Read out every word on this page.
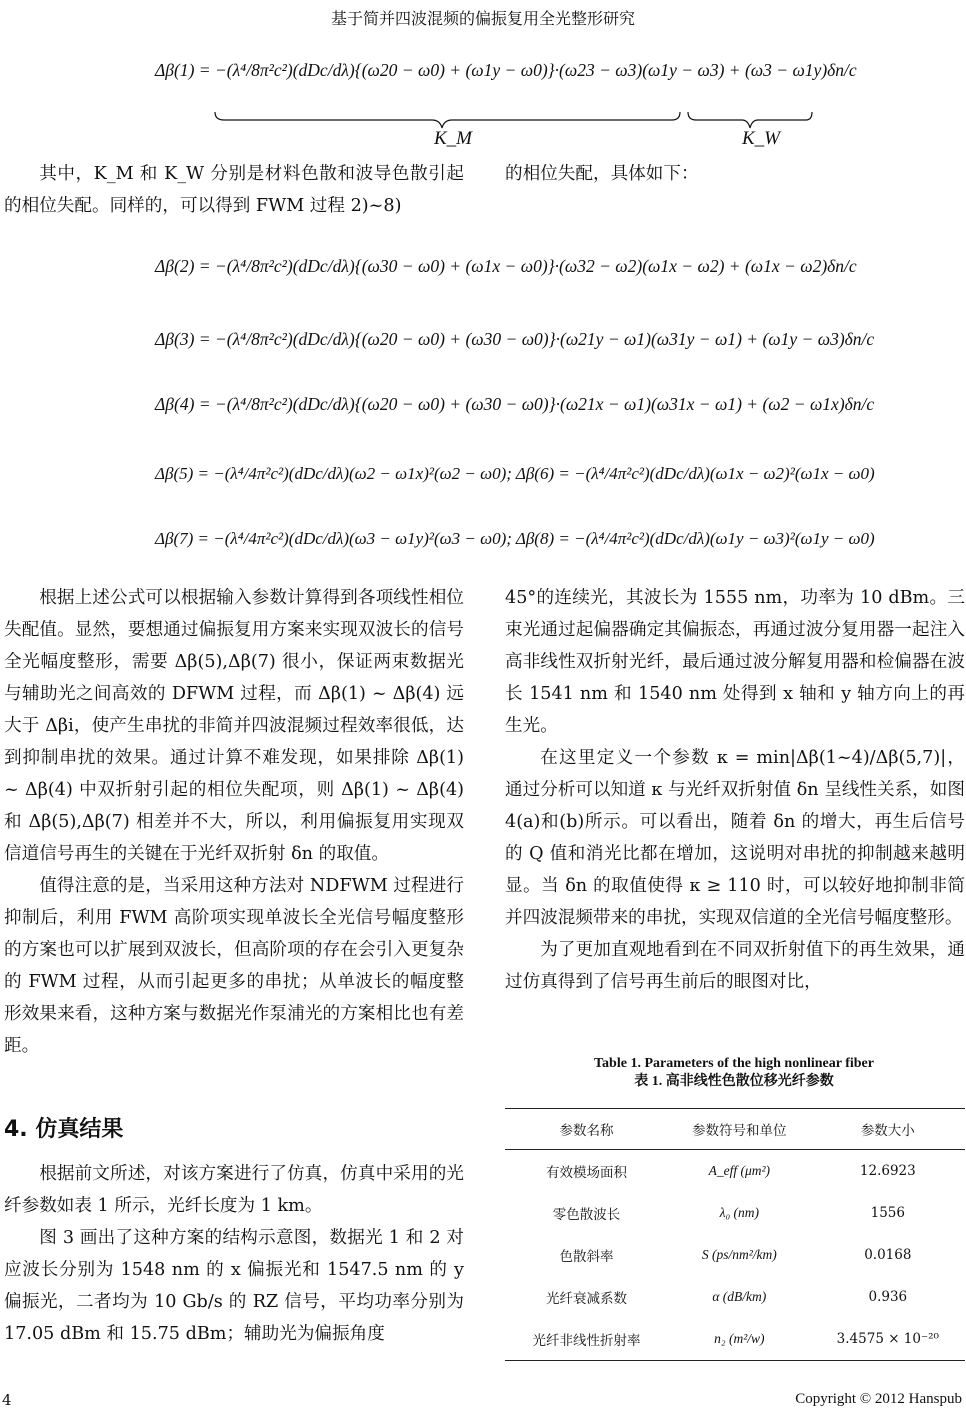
基于简并四波混频的偏振复用全光整形研究
Δβ(1) = −(λ⁴/8π²c²)(dDc/dλ){(ω20 − ω0) + (ω1y − ω0)}·(ω23 − ω3)(ω1y − ω3) + (ω3 − ω1y)δn/c
K_M	K_W

其中，K_M 和 K_W 分别是材料色散和波导色散引起的相位失配。同样的，可以得到 FWM 过程 2)~8)

的相位失配，具体如下：

Δβ(2) = −(λ⁴/8π²c²)(dDc/dλ){(ω30 − ω0) + (ω1x − ω0)}·(ω32 − ω2)(ω1x − ω2) + (ω1x − ω2)δn/c
Δβ(3) = −(λ⁴/8π²c²)(dDc/dλ){(ω20 − ω0) + (ω30 − ω0)}·(ω21y − ω1)(ω31y − ω1) + (ω1y − ω3)δn/c
Δβ(4) = −(λ⁴/8π²c²)(dDc/dλ){(ω20 − ω0) + (ω30 − ω0)}·(ω21x − ω1)(ω31x − ω1) + (ω2 − ω1x)δn/c
Δβ(5) = −(λ⁴/4π²c²)(dDc/dλ)(ω2 − ω1x)²(ω2 − ω0); Δβ(6) = −(λ⁴/4π²c²)(dDc/dλ)(ω1x − ω2)²(ω1x − ω0)
Δβ(7) = −(λ⁴/4π²c²)(dDc/dλ)(ω3 − ω1y)²(ω3 − ω0); Δβ(8) = −(λ⁴/4π²c²)(dDc/dλ)(ω1y − ω3)²(ω1y − ω0)

根据上述公式可以根据输入参数计算得到各项线性相位失配值。显然，要想通过偏振复用方案来实现双波长的信号全光幅度整形，需要 Δβ(5),Δβ(7) 很小，保证两束数据光与辅助光之间高效的 DFWM 过程，而 Δβ(1) ~ Δβ(4) 远大于 Δβi，使产生串扰的非简并四波混频过程效率很低，达到抑制串扰的效果。通过计算不难发现，如果排除 Δβ(1) ~ Δβ(4) 中双折射引起的相位失配项，则 Δβ(1) ~ Δβ(4) 和 Δβ(5),Δβ(7) 相差并不大，所以，利用偏振复用实现双信道信号再生的关键在于光纤双折射 δn 的取值。

值得注意的是，当采用这种方法对 NDFWM 过程进行抑制后，利用 FWM 高阶项实现单波长全光信号幅度整形的方案也可以扩展到双波长，但高阶项的存在会引入更复杂的 FWM 过程，从而引起更多的串扰；从单波长的幅度整形效果来看，这种方案与数据光作泵浦光的方案相比也有差距。

4. 仿真结果

根据前文所述，对该方案进行了仿真，仿真中采用的光纤参数如表 1 所示，光纤长度为 1 km。

图 3 画出了这种方案的结构示意图，数据光 1 和 2 对应波长分别为 1548 nm 的 x 偏振光和 1547.5 nm 的 y 偏振光，二者均为 10 Gb/s 的 RZ 信号，平均功率分别为 17.05 dBm 和 15.75 dBm；辅助光为偏振角度

45°的连续光，其波长为 1555 nm，功率为 10 dBm。三束光通过起偏器确定其偏振态，再通过波分复用器一起注入高非线性双折射光纤，最后通过波分解复用器和检偏器在波长 1541 nm 和 1540 nm 处得到 x 轴和 y 轴方向上的再生光。

在这里定义一个参数 κ = min|Δβ(1~4)/Δβ(5,7)|，通过分析可以知道 κ 与光纤双折射值 δn 呈线性关系，如图 4(a)和(b)所示。可以看出，随着 δn 的增大，再生后信号的 Q 值和消光比都在增加，这说明对串扰的抑制越来越明显。当 δn 的取值使得 κ ≥ 110 时，可以较好地抑制非简并四波混频带来的串扰，实现双信道的全光信号幅度整形。

为了更加直观地看到在不同双折射值下的再生效果，通过仿真得到了信号再生前后的眼图对比，

Table 1. Parameters of the high nonlinear fiber
表 1. 高非线性色散位移光纤参数
参数名称	参数符号和单位	参数大小
有效模场面积	A_eff (μm²)	12.6923
零色散波长	λ₀ (nm)	1556
色散斜率	S (ps/nm²/km)	0.0168
光纤衰减系数	α (dB/km)	0.936
光纤非线性折射率	n₂ (m²/w)	3.4575 × 10⁻²⁰
4	Copyright © 2012 Hanspub
